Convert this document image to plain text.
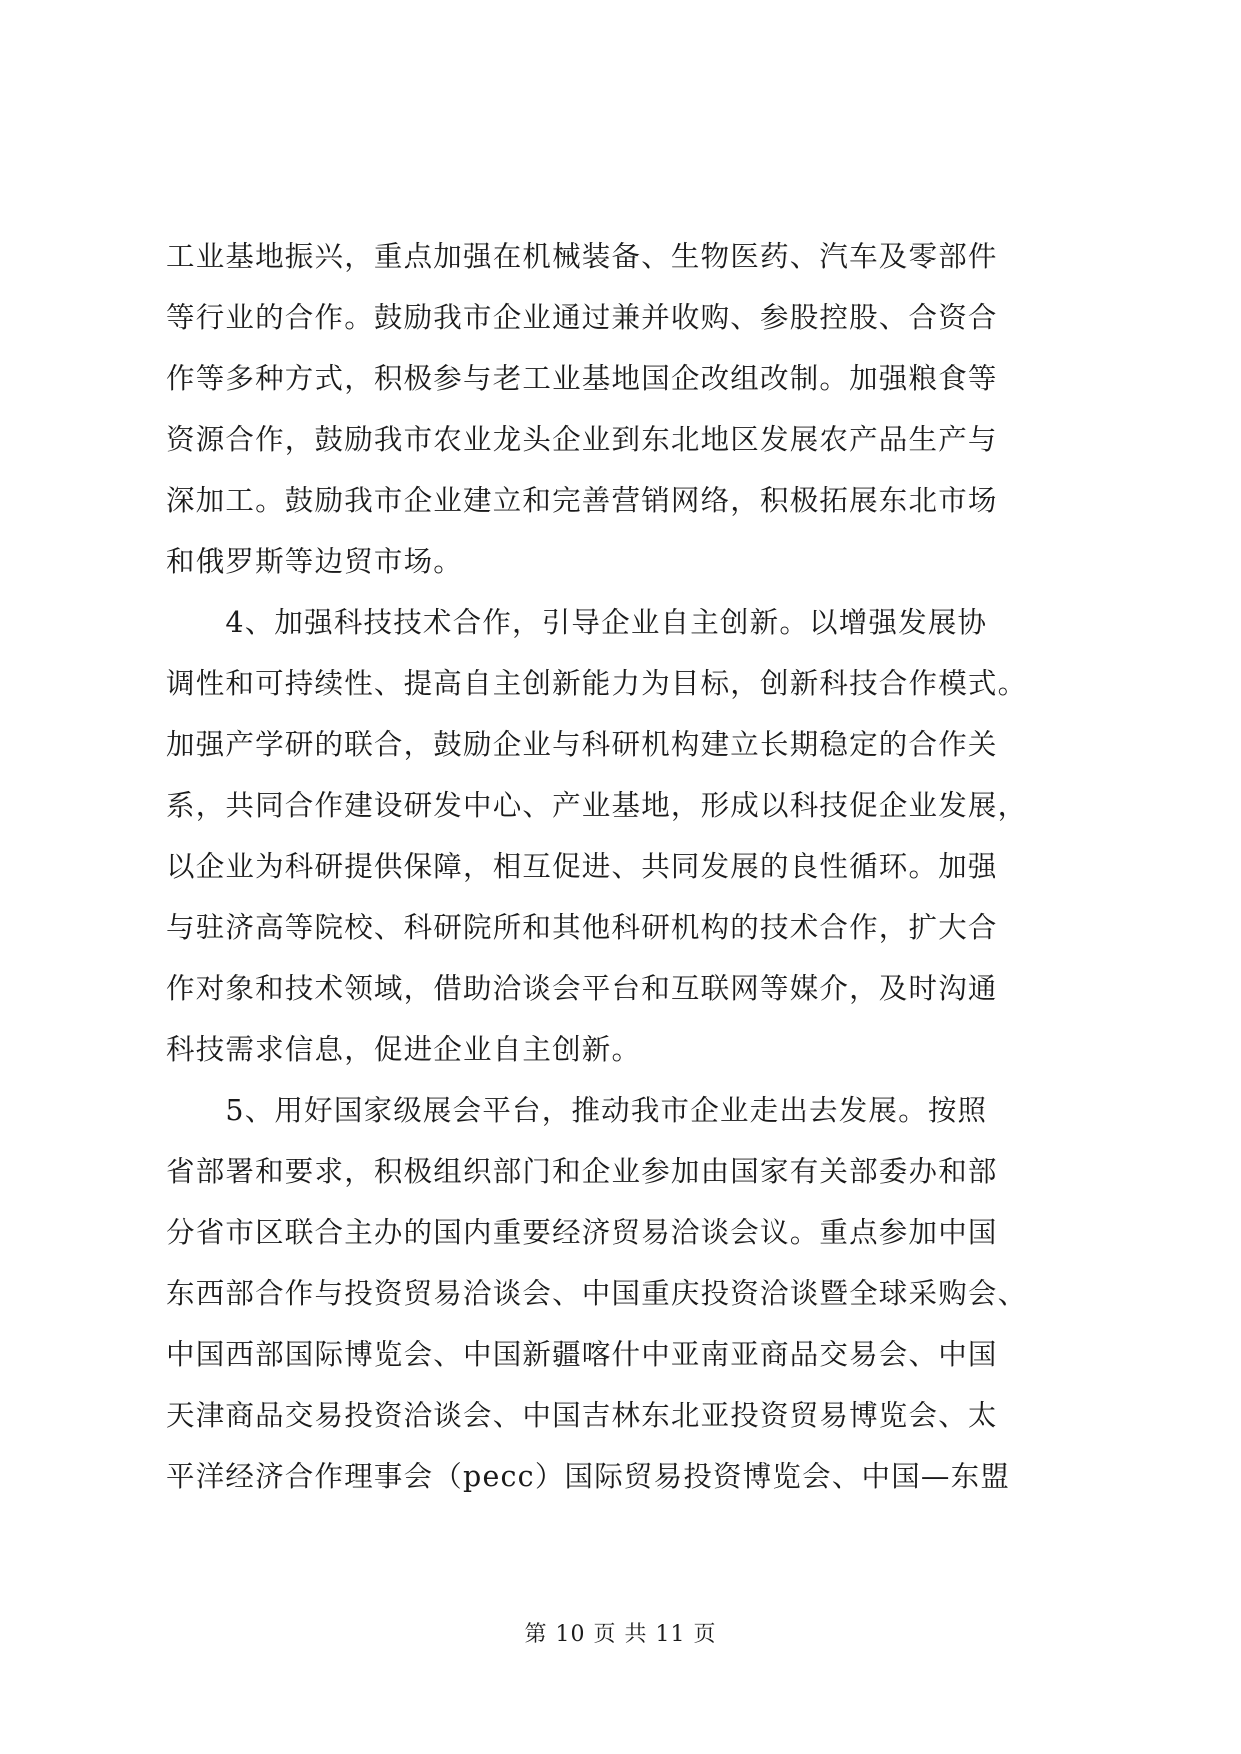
工业基地振兴，重点加强在机械装备、生物医药、汽车及零部件
等行业的合作。鼓励我市企业通过兼并收购、参股控股、合资合
作等多种方式，积极参与老工业基地国企改组改制。加强粮食等
资源合作，鼓励我市农业龙头企业到东北地区发展农产品生产与
深加工。鼓励我市企业建立和完善营销网络，积极拓展东北市场
和俄罗斯等边贸市场。
　　4、加强科技技术合作，引导企业自主创新。以增强发展协
调性和可持续性、提高自主创新能力为目标，创新科技合作模式。
加强产学研的联合，鼓励企业与科研机构建立长期稳定的合作关
系，共同合作建设研发中心、产业基地，形成以科技促企业发展，
以企业为科研提供保障，相互促进、共同发展的良性循环。加强
与驻济高等院校、科研院所和其他科研机构的技术合作，扩大合
作对象和技术领域，借助洽谈会平台和互联网等媒介，及时沟通
科技需求信息，促进企业自主创新。
　　5、用好国家级展会平台，推动我市企业走出去发展。按照
省部署和要求，积极组织部门和企业参加由国家有关部委办和部
分省市区联合主办的国内重要经济贸易洽谈会议。重点参加中国
东西部合作与投资贸易洽谈会、中国重庆投资洽谈暨全球采购会、
中国西部国际博览会、中国新疆喀什中亚南亚商品交易会、中国
天津商品交易投资洽谈会、中国吉林东北亚投资贸易博览会、太
平洋经济合作理事会（pecc）国际贸易投资博览会、中国—东盟
第 10 页 共 11 页
